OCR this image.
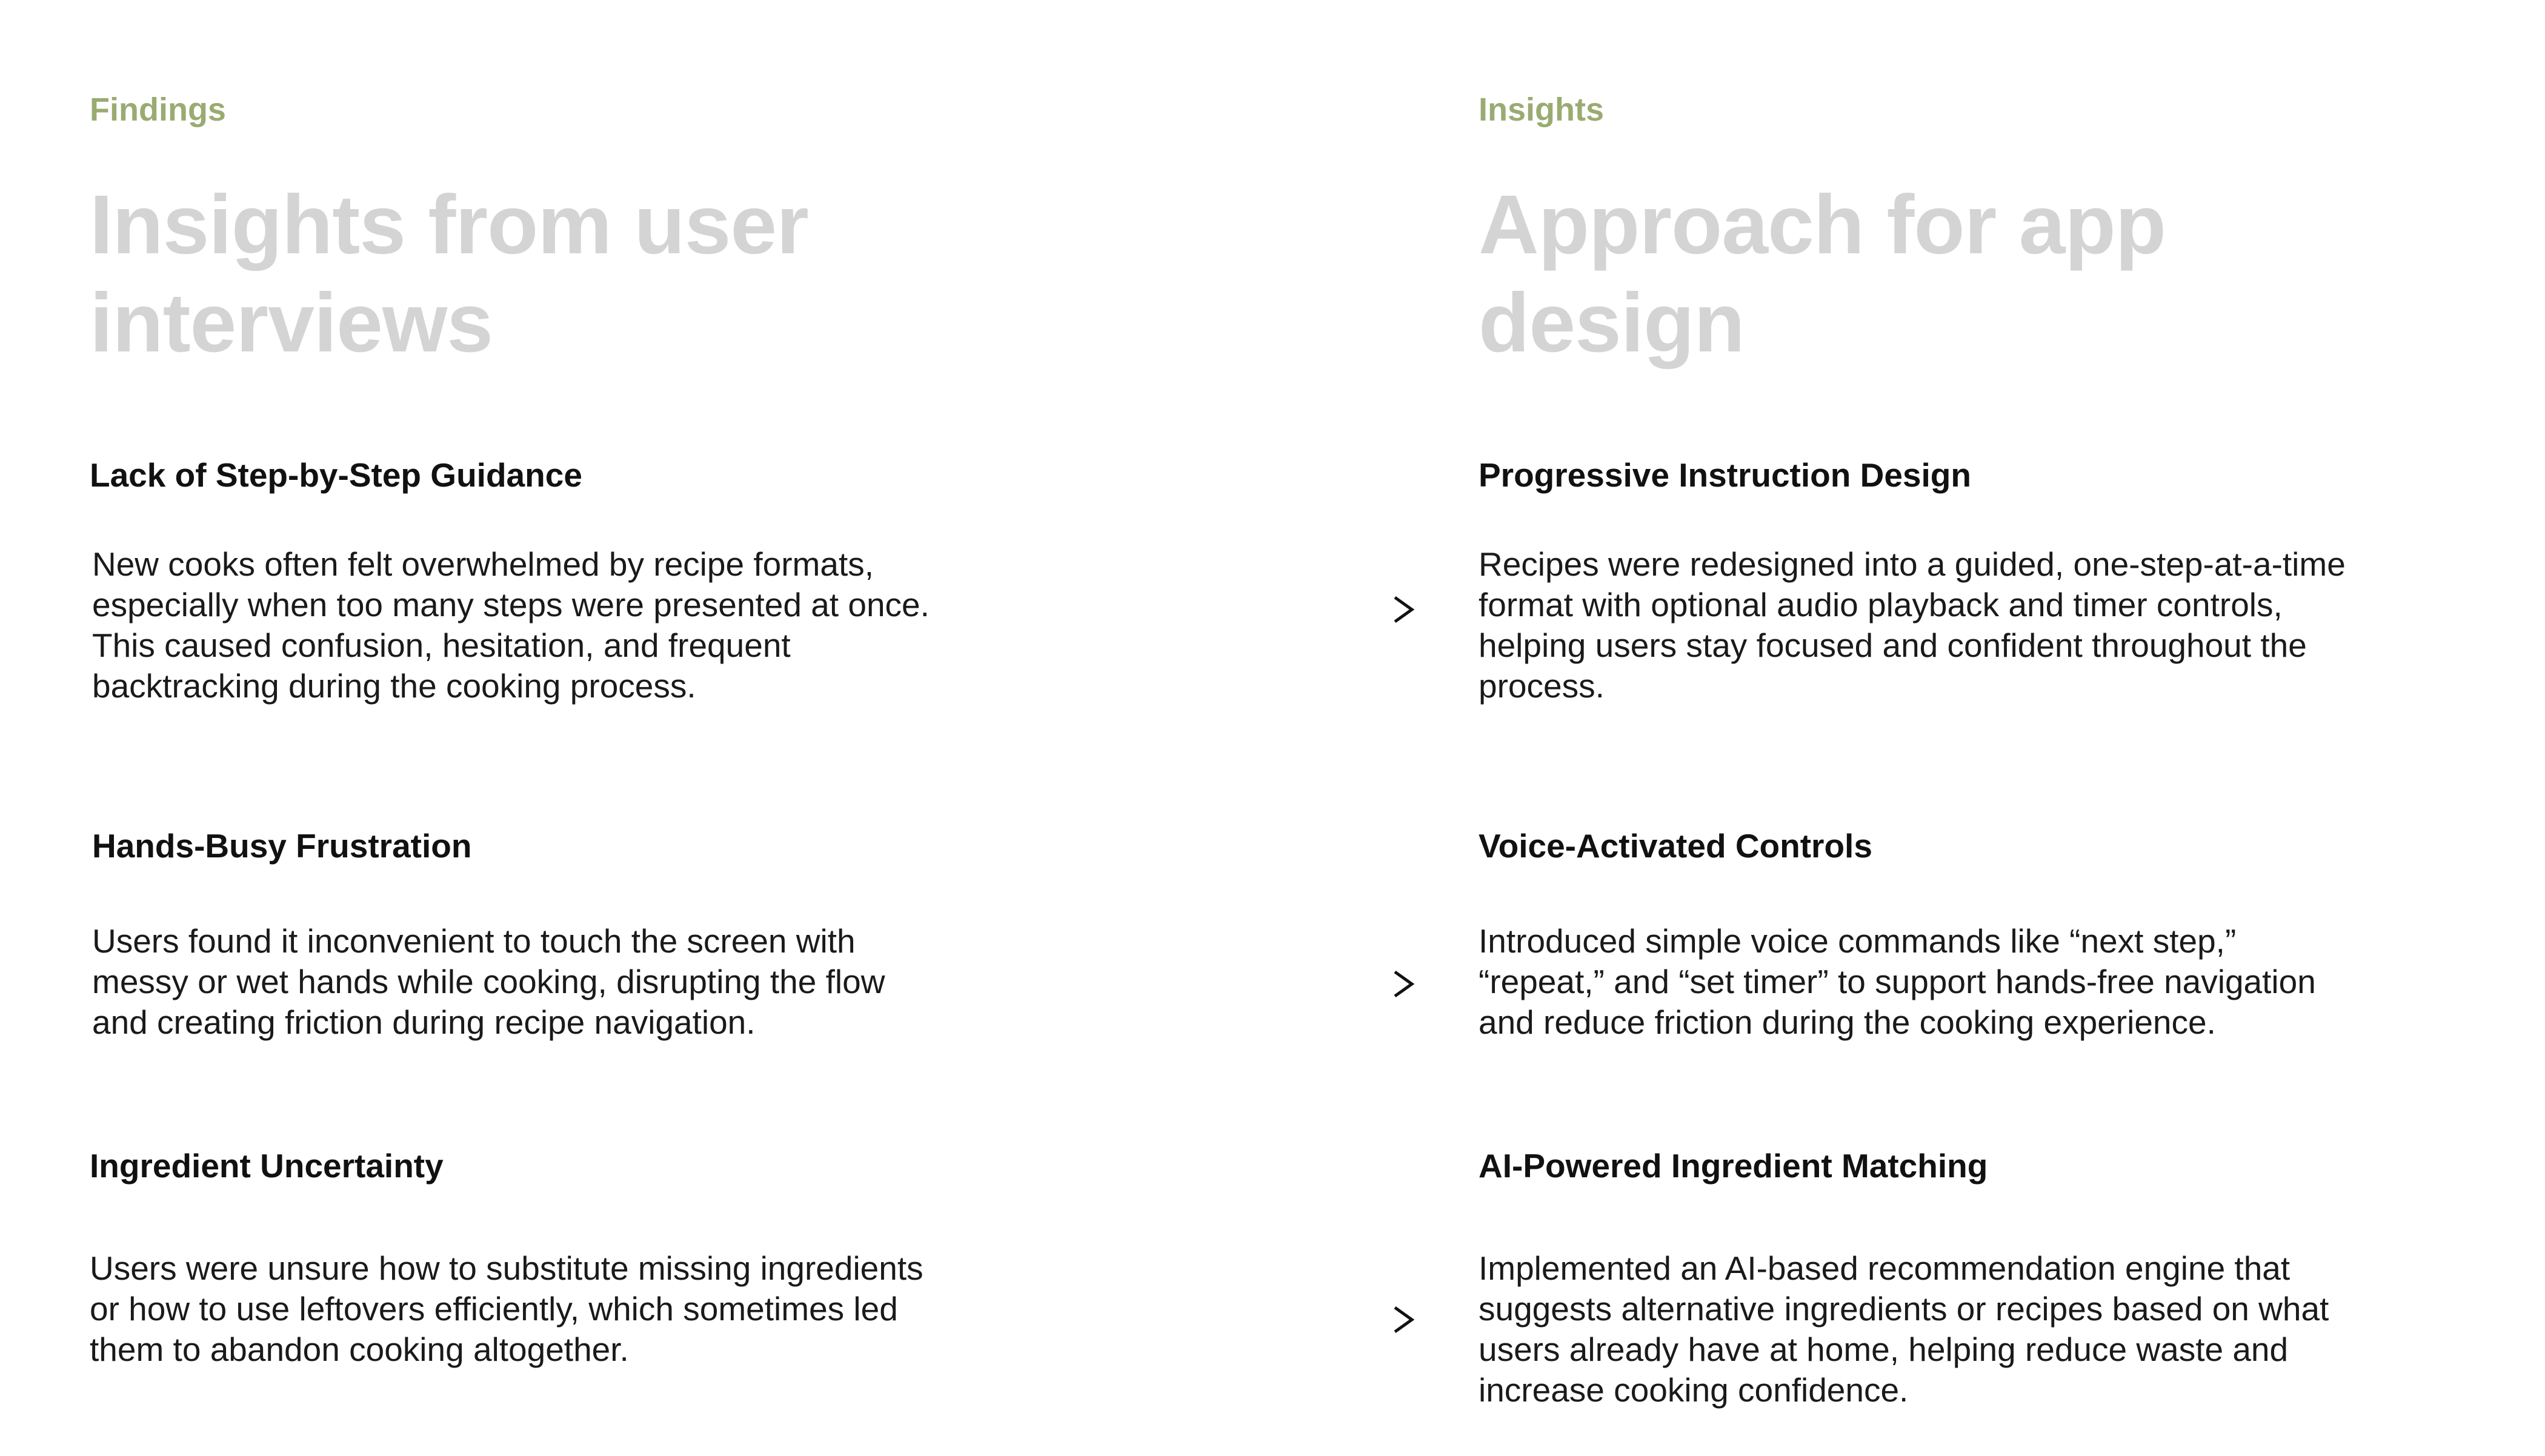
Findings
Insights from user
interviews
Lack of Step-by-Step Guidance

New cooks often felt overwhelmed by recipe formats,
especially when too many steps were presented at once.
This caused confusion, hesitation, and frequent
backtracking during the cooking process.

Hands-Busy Frustration

Users found it inconvenient to touch the screen with
messy or wet hands while cooking, disrupting the flow
and creating friction during recipe navigation.

Ingredient Uncertainty

Users were unsure how to substitute missing ingredients
or how to use leftovers efficiently, which sometimes led
them to abandon cooking altogether.

Insights
Approach for app
design
Progressive Instruction Design

Recipes were redesigned into a guided, one-step-at-a-time
format with optional audio playback and timer controls,
helping users stay focused and confident throughout the
process.

Voice-Activated Controls

Introduced simple voice commands like “next step,”
“repeat,” and “set timer” to support hands-free navigation
and reduce friction during the cooking experience.

AI-Powered Ingredient Matching

Implemented an AI-based recommendation engine that
suggests alternative ingredients or recipes based on what
users already have at home, helping reduce waste and
increase cooking confidence.
